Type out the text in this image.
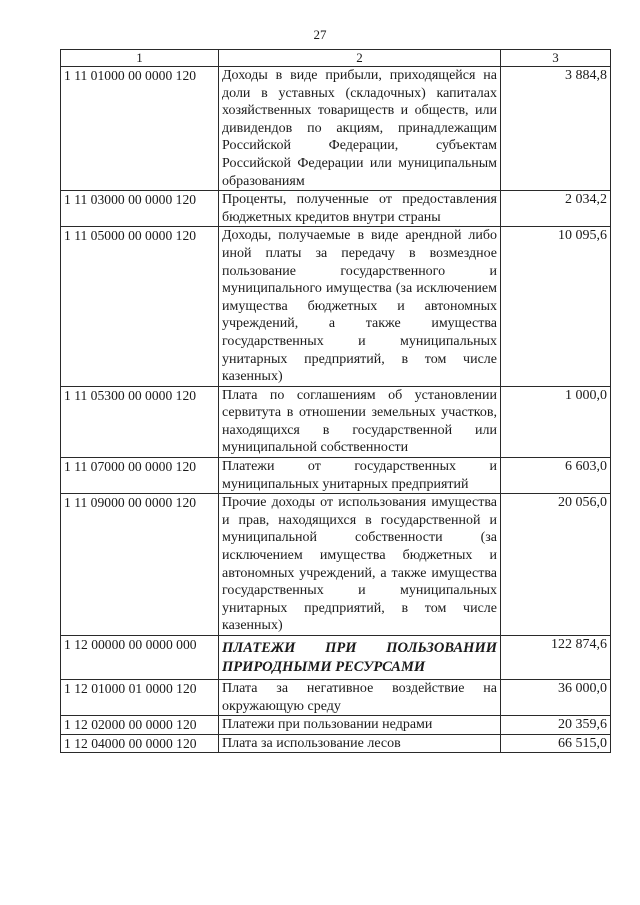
27
1	2	3
1 11 01000 00 0000 120	Доходы в виде прибыли, приходящейся на доли в уставных (складочных) капиталах хозяйственных товариществ и обществ, или дивидендов по акциям, принадлежащим Российской Федерации, субъектам Российской Федерации или муниципальным образованиям	3 884,8
1 11 03000 00 0000 120	Проценты, полученные от предоставления бюджетных кредитов внутри страны	2 034,2
1 11 05000 00 0000 120	Доходы, получаемые в виде арендной либо иной платы за передачу в возмездное пользование государственного и муниципального имущества (за исключением имущества бюджетных и автономных учреждений, а также имущества государственных и муниципальных унитарных предприятий, в том числе казенных)	10 095,6
1 11 05300 00 0000 120	Плата по соглашениям об установлении сервитута в отношении земельных участков, находящихся в государственной или муниципальной собственности	1 000,0
1 11 07000 00 0000 120	Платежи от государственных и муниципальных унитарных предприятий	6 603,0
1 11 09000 00 0000 120	Прочие доходы от использования имущества и прав, находящихся в государственной и муниципальной собственности (за исключением имущества бюджетных и автономных учреждений, а также имущества государственных и муниципальных унитарных предприятий, в том числе казенных)	20 056,0
1 12 00000 00 0000 000	ПЛАТЕЖИ ПРИ ПОЛЬЗОВАНИИ ПРИРОДНЫМИ РЕСУРСАМИ	122 874,6
1 12 01000 01 0000 120	Плата за негативное воздействие на окружающую среду	36 000,0
1 12 02000 00 0000 120	Платежи при пользовании недрами	20 359,6
1 12 04000 00 0000 120	Плата за использование лесов	66 515,0
